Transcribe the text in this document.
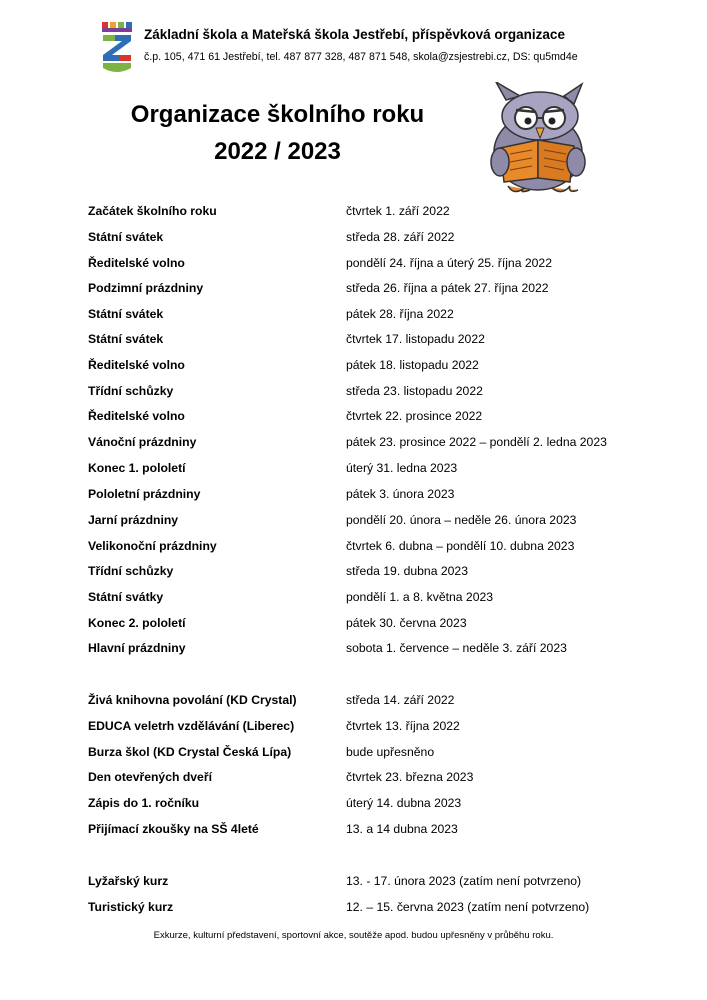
Základní škola a Mateřská škola Jestřebí, příspěvková organizace
č.p. 105, 471 61 Jestřebí, tel. 487 877 328, 487 871 548, skola@zsjestrebi.cz, DS: qu5md4e
Organizace školního roku
2022 / 2023
Začátek školního roku	čtvrtek 1. září 2022
Státní svátek	středa 28. září 2022
Ředitelské volno	pondělí 24. října a úterý 25. října 2022
Podzimní prázdniny	středa 26. října a pátek 27. října 2022
Státní svátek	pátek 28. října 2022
Státní svátek	čtvrtek 17. listopadu 2022
Ředitelské volno	pátek 18. listopadu 2022
Třídní schůzky	středa 23. listopadu 2022
Ředitelské volno	čtvrtek 22. prosince 2022
Vánoční prázdniny	pátek 23. prosince 2022 – pondělí 2. ledna 2023
Konec 1. pololetí	úterý 31. ledna 2023
Pololetní prázdniny	pátek 3. února 2023
Jarní prázdniny	pondělí 20. února – neděle 26. února 2023
Velikonoční prázdniny	čtvrtek 6. dubna – pondělí 10. dubna 2023
Třídní schůzky	středa 19. dubna 2023
Státní svátky	pondělí 1. a 8. května 2023
Konec 2. pololetí	pátek 30. června 2023
Hlavní prázdniny	sobota 1. července – neděle 3. září 2023
Živá knihovna povolání (KD Crystal)	středa 14. září 2022
EDUCA veletrh vzdělávání (Liberec)	čtvrtek 13. října 2022
Burza škol (KD Crystal Česká Lípa)	bude upřesněno
Den otevřených dveří	čtvrtek 23. března 2023
Zápis do 1. ročníku	úterý 14. dubna 2023
Přijímací zkoušky na SŠ 4leté	13. a 14 dubna 2023
Lyžařský kurz	13. - 17. února 2023 (zatím není potvrzeno)
Turistický kurz	12. – 15. června 2023 (zatím není potvrzeno)
Exkurze, kulturní představení, sportovní akce, soutěže apod. budou upřesněny v průběhu roku.
